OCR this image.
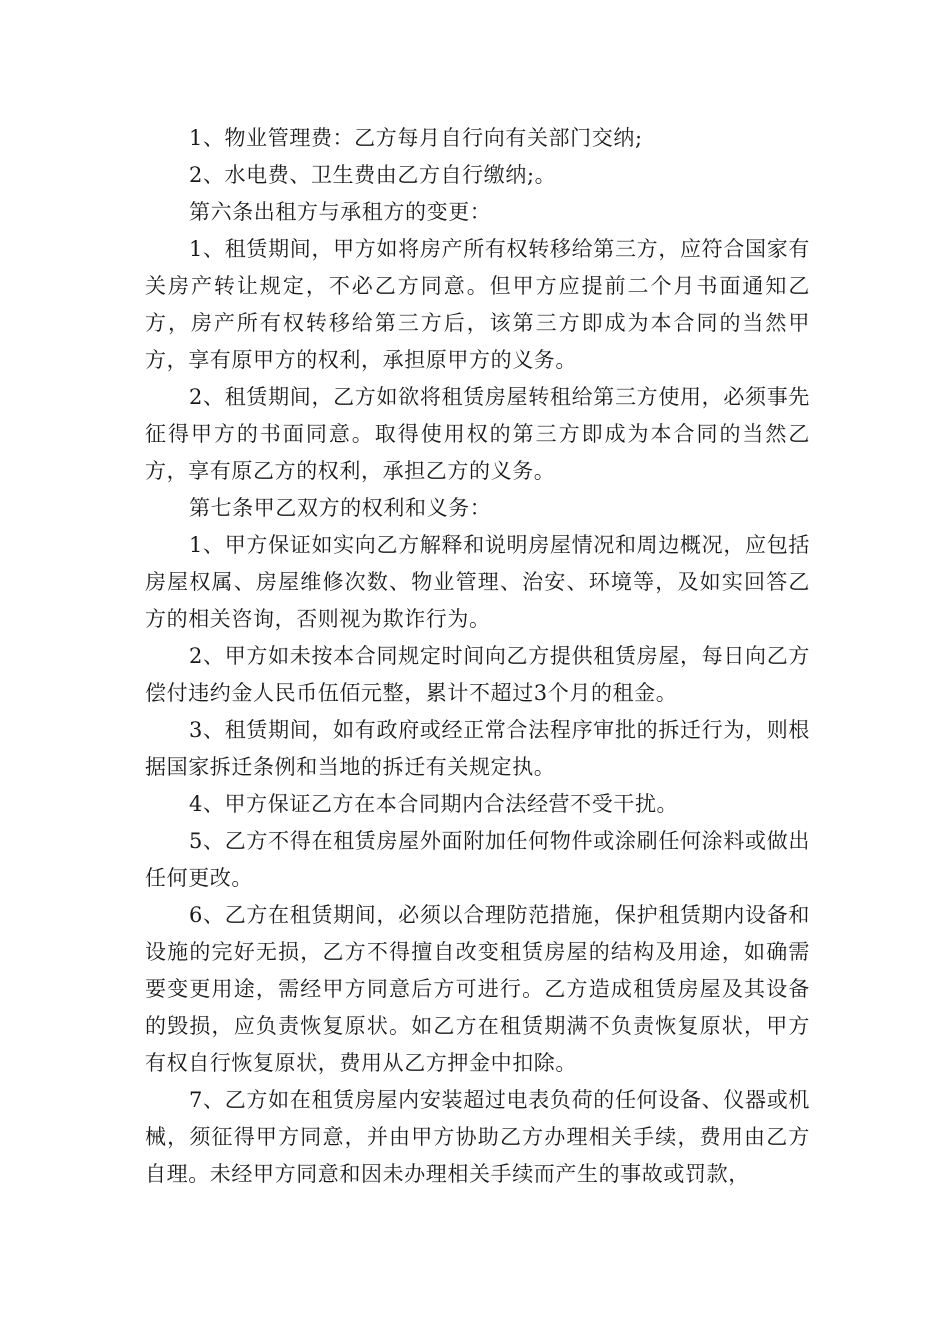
1、物业管理费：乙方每月自行向有关部门交纳;

2、水电费、卫生费由乙方自行缴纳;。

第六条出租方与承租方的变更：

1、租赁期间，甲方如将房产所有权转移给第三方，应符合国家有关房产转让规定，不必乙方同意。但甲方应提前二个月书面通知乙方，房产所有权转移给第三方后，该第三方即成为本合同的当然甲方，享有原甲方的权利，承担原甲方的义务。

2、租赁期间，乙方如欲将租赁房屋转租给第三方使用，必须事先征得甲方的书面同意。取得使用权的第三方即成为本合同的当然乙方，享有原乙方的权利，承担乙方的义务。

第七条甲乙双方的权利和义务：

1、甲方保证如实向乙方解释和说明房屋情况和周边概况，应包括房屋权属、房屋维修次数、物业管理、治安、环境等，及如实回答乙方的相关咨询，否则视为欺诈行为。

2、甲方如未按本合同规定时间向乙方提供租赁房屋，每日向乙方偿付违约金人民币伍佰元整，累计不超过3个月的租金。

3、租赁期间，如有政府或经正常合法程序审批的拆迁行为，则根据国家拆迁条例和当地的拆迁有关规定执。

4、甲方保证乙方在本合同期内合法经营不受干扰。

5、乙方不得在租赁房屋外面附加任何物件或涂刷任何涂料或做出任何更改。

6、乙方在租赁期间，必须以合理防范措施，保护租赁期内设备和设施的完好无损，乙方不得擅自改变租赁房屋的结构及用途，如确需要变更用途，需经甲方同意后方可进行。乙方造成租赁房屋及其设备的毁损，应负责恢复原状。如乙方在租赁期满不负责恢复原状，甲方有权自行恢复原状，费用从乙方押金中扣除。

7、乙方如在租赁房屋内安装超过电表负荷的任何设备、仪器或机械，须征得甲方同意，并由甲方协助乙方办理相关手续，费用由乙方自理。未经甲方同意和因未办理相关手续而产生的事故或罚款，
